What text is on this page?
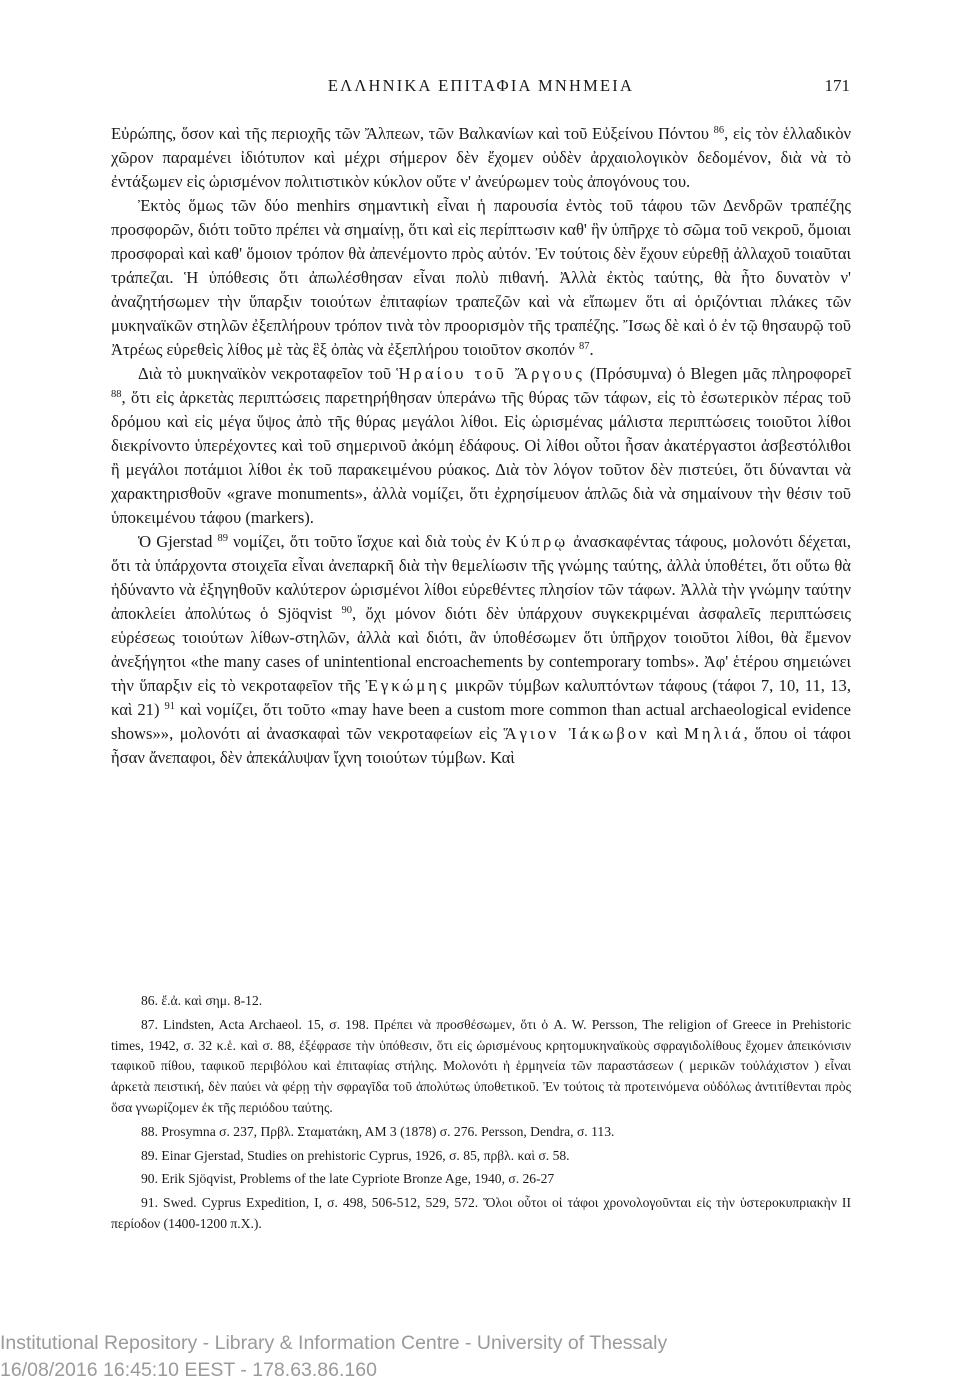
ΕΛΛΗΝΙΚΑ ΕΠΙΤΑΦΙΑ ΜΝΗΜΕΙΑ	171

Εὐρώπης, ὅσον καὶ τῆς περιοχῆς τῶν Ἄλπεων, τῶν Βαλκανίων καὶ τοῦ Εὐξείνου Πόντου $^{86}$, εἰς τὸν ἑλλαδικὸν χῶρον παραμένει ἰδιότυπον καὶ μέχρι σήμερον δὲν ἔχομεν οὐδὲν ἀρχαιολογικὸν δεδομένον, διὰ νὰ τὸ ἐντάξωμεν εἰς ὡρισμένον πολιτιστικὸν κύκλον οὔτε ν' ἀνεύρωμεν τοὺς ἀπογόνους του.

Ἐκτὸς ὅμως τῶν δύο menhirs σημαντικὴ εἶναι ἡ παρουσία ἐντὸς τοῦ τάφου τῶν Δενδρῶν τραπέζης προσφορῶν, διότι τοῦτο πρέπει νὰ σημαίνῃ, ὅτι καὶ εἰς περίπτωσιν καθ' ἣν ὑπῆρχε τὸ σῶμα τοῦ νεκροῦ, ὅμοιαι προσφοραὶ καὶ καθ' ὅμοιον τρόπον θὰ ἀπενέμοντο πρὸς αὐτόν. Ἐν τούτοις δὲν ἔχουν εὑρεθῇ ἀλλαχοῦ τοιαῦται τράπεζαι. Ἡ ὑπόθεσις ὅτι ἀπωλέσθησαν εἶναι πολὺ πιθανή. Ἀλλὰ ἐκτὸς ταύτης, θὰ ἦτο δυνατὸν ν' ἀναζητήσωμεν τὴν ὕπαρξιν τοιούτων ἐπιταφίων τραπεζῶν καὶ νὰ εἴπωμεν ὅτι αἱ ὁριζόντιαι πλάκες τῶν μυκηναϊκῶν στηλῶν ἐξεπλήρουν τρόπον τινὰ τὸν προορισμὸν τῆς τραπέζης. Ἴσως δὲ καὶ ὁ ἐν τῷ θησαυρῷ τοῦ Ἀτρέως εὑρεθεὶς λίθος μὲ τὰς ἓξ ὀπὰς νὰ ἐξεπλήρου τοιοῦτον σκοπόν $^{87}$.

Διὰ τὸ μυκηναϊκὸν νεκροταφεῖον τοῦ Ἡραίου τοῦ Ἄργους (Πρόσυμνα) ὁ Blegen μᾶς πληροφορεῖ $^{88}$, ὅτι εἰς ἀρκετὰς περιπτώσεις παρετηρήθησαν ὑπεράνω τῆς θύρας τῶν τάφων, εἰς τὸ ἐσωτερικὸν πέρας τοῦ δρόμου καὶ εἰς μέγα ὕψος ἀπὸ τῆς θύρας μεγάλοι λίθοι. Εἰς ὡρισμένας μάλιστα περιπτώσεις τοιοῦτοι λίθοι διεκρίνοντο ὑπερέχοντες καὶ τοῦ σημερινοῦ ἀκόμη ἐδάφους. Οἱ λίθοι οὗτοι ἦσαν ἀκατέργαστοι ἀσβεστόλιθοι ἢ μεγάλοι ποτάμιοι λίθοι ἐκ τοῦ παρακειμένου ρύακος. Διὰ τὸν λόγον τοῦτον δὲν πιστεύει, ὅτι δύνανται νὰ χαρακτηρισθοῦν «grave monuments», ἀλλὰ νομίζει, ὅτι ἐχρησίμευον ἁπλῶς διὰ νὰ σημαίνουν τὴν θέσιν τοῦ ὑποκειμένου τάφου (markers).

Ὁ Gjerstad $^{89}$ νομίζει, ὅτι τοῦτο ἴσχυε καὶ διὰ τοὺς ἐν Κύπρῳ ἀνασκαφέντας τάφους, μολονότι δέχεται, ὅτι τὰ ὑπάρχοντα στοιχεῖα εἶναι ἀνεπαρκῆ διὰ τὴν θεμελίωσιν τῆς γνώμης ταύτης, ἀλλὰ ὑποθέτει, ὅτι οὕτω θὰ ἠδύναντο νὰ ἐξηγηθοῦν καλύτερον ὡρισμένοι λίθοι εὑρεθέντες πλησίον τῶν τάφων. Ἀλλὰ τὴν γνώμην ταύτην ἀποκλείει ἀπολύτως ὁ Sjöqvist $^{90}$, ὄχι μόνον διότι δὲν ὑπάρχουν συγκεκριμέναι ἀσφαλεῖς περιπτώσεις εὑρέσεως τοιούτων λίθων-στηλῶν, ἀλλὰ καὶ διότι, ἂν ὑποθέσωμεν ὅτι ὑπῆρχον τοιοῦτοι λίθοι, θὰ ἔμενον ἀνεξήγητοι «the many cases of unintentional encroachements by contemporary tombs». Ἀφ' ἑτέρου σημειώνει τὴν ὕπαρξιν εἰς τὸ νεκροταφεῖον τῆς Ἐγκώμης μικρῶν τύμβων καλυπτόντων τάφους (τάφοι 7, 10, 11, 13, καὶ 21) $^{91}$ καὶ νομίζει, ὅτι τοῦτο «may have been a custom more common than actual archaeological evidence shows»», μολονότι αἱ ἀνασκαφαὶ τῶν νεκροταφείων εἰς Ἅγιον Ἰάκωβον καὶ Μηλιά, ὅπου οἱ τάφοι ἦσαν ἄνεπαφοι, δὲν ἀπεκάλυψαν ἴχνη τοιούτων τύμβων. Καὶ

86. ἔ.ἀ. καὶ σημ. 8-12.

87. Lindsten, Acta Archaeol. 15, σ. 198. Πρέπει νὰ προσθέσωμεν, ὅτι ὁ A. W. Persson, The religion of Greece in Prehistoric times, 1942, σ. 32 κ.ἑ. καὶ σ. 88, ἐξέφρασε τὴν ὑπόθεσιν, ὅτι εἰς ὡρισμένους κρητομυκηναϊκοὺς σφραγιδολίθους ἔχομεν ἀπεικόνισιν ταφικοῦ πίθου, ταφικοῦ περιβόλου καὶ ἐπιταφίας στήλης. Μολονότι ἡ ἑρμηνεία τῶν παραστάσεων ( μερικῶν τοὐλάχιστον ) εἶναι ἀρκετὰ πειστική, δὲν παύει νὰ φέρῃ τὴν σφραγῖδα τοῦ ἀπολύτως ὑποθετικοῦ. Ἐν τούτοις τὰ προτεινόμενα οὐδόλως ἀντιτίθενται πρὸς ὅσα γνωρίζομεν ἐκ τῆς περιόδου ταύτης.

88. Prosymna σ. 237, Πρβλ. Σταματάκη, ΑΜ 3 (1878) σ. 276. Persson, Dendra, σ. 113.

89. Einar Gjerstad, Studies on prehistoric Cyprus, 1926, σ. 85, πρβλ. καὶ σ. 58.

90. Erik Sjöqvist, Problems of the late Cypriote Bronze Age, 1940, σ. 26-27

91. Swed. Cyprus Expedition, I, σ. 498, 506-512, 529, 572. Ὅλοι οὗτοι οἱ τάφοι χρονολογοῦνται εἰς τὴν ὑστεροκυπριακὴν ΙΙ περίοδον (1400-1200 π.Χ.).

Institutional Repository - Library & Information Centre - University of Thessaly
16/08/2016 16:45:10 EEST - 178.63.86.160
